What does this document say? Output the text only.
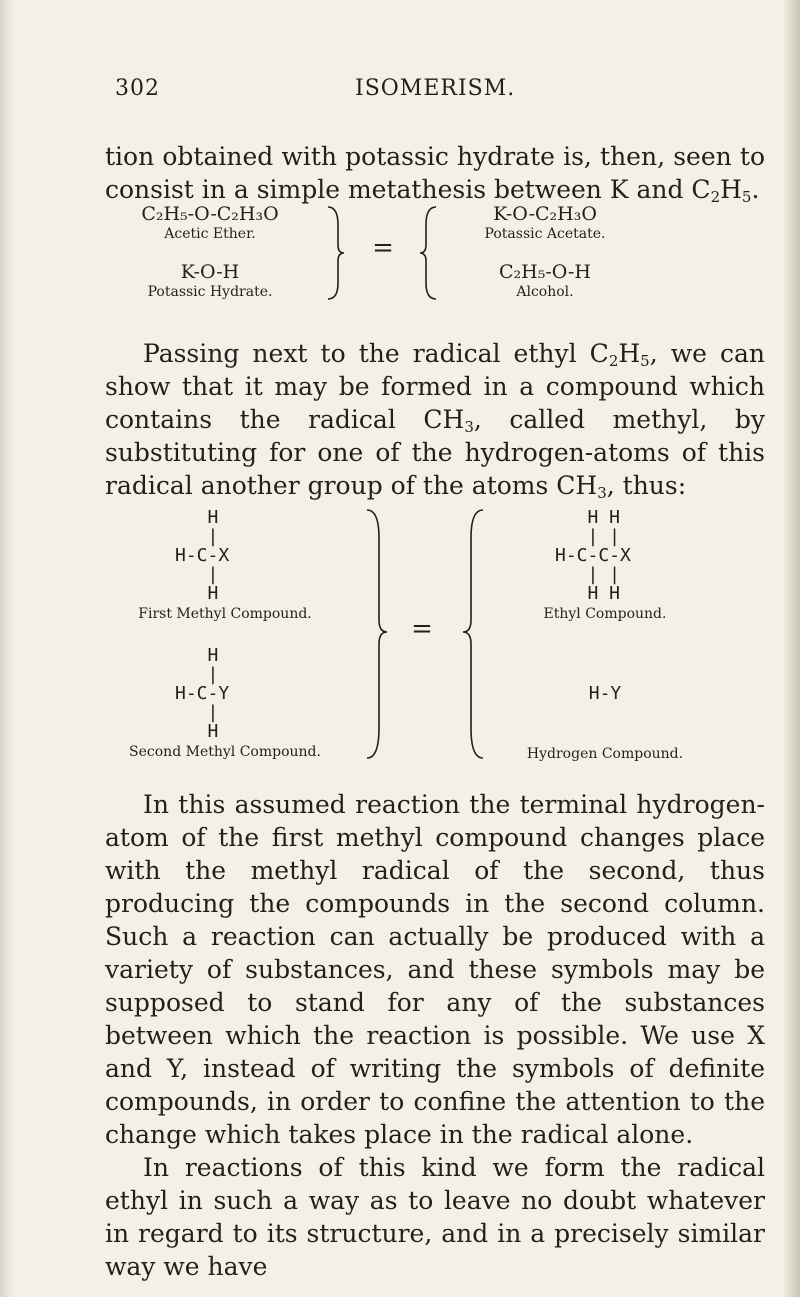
302	ISOMERISM.

tion obtained with potassic hydrate is, then, seen to consist in a simple metathesis between K and $C_2H_5$.

C₂H₅-O-C₂H₃O
Acetic Ether.
K-O-H
Potassic Hydrate.
=
K-O-C₂H₃O
Potassic Acetate.
C₂H₅-O-H
Alcohol.

Passing next to the radical ethyl $C_2H_5$, we can show that it may be formed in a compound which contains the radical $CH_3$, called methyl, by substituting for one of the hydrogen-atoms of this radical another group of the atoms $CH_3$, thus:

H
|
H-C-X
|
H
First Methyl Compound.
H
|
H-C-Y
|
H
Second Methyl Compound.
=
H H
| |
H-C-C-X
| |
H H
Ethyl Compound.
H-Y
Hydrogen Compound.

In this assumed reaction the terminal hydrogen-atom of the first methyl compound changes place with the methyl radical of the second, thus producing the compounds in the second column. Such a reaction can actually be produced with a variety of substances, and these symbols may be supposed to stand for any of the substances between which the reaction is possible. We use X and Y, instead of writing the symbols of definite compounds, in order to confine the attention to the change which takes place in the radical alone.

In reactions of this kind we form the radical ethyl in such a way as to leave no doubt whatever in regard to its structure, and in a precisely similar way we have
